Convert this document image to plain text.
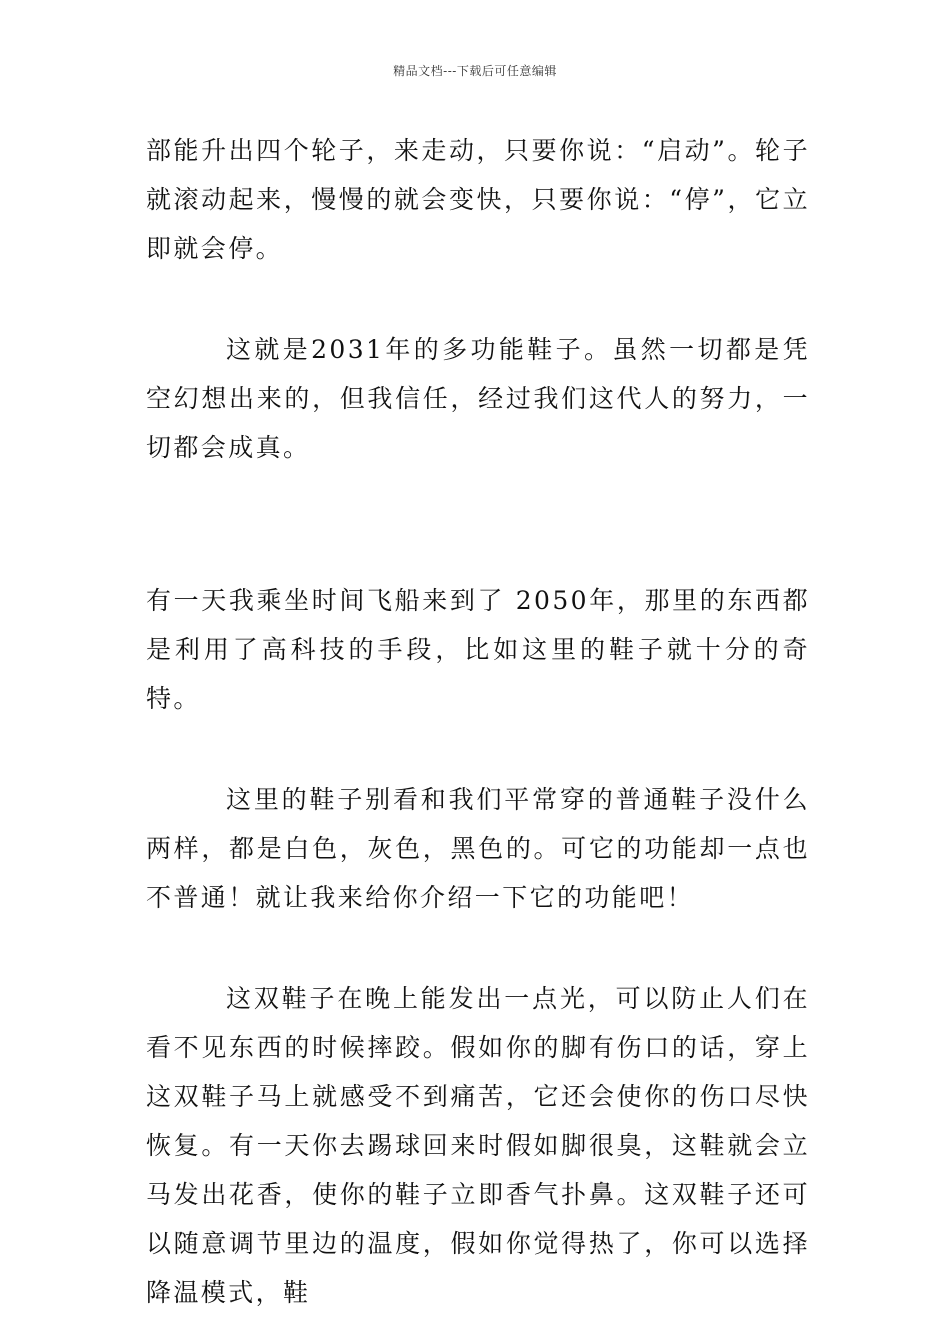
精品文档---下载后可任意编辑

部能升出四个轮子，来走动，只要你说：“启动”。轮子就滚动起来，慢慢的就会变快，只要你说：“停”，它立即就会停。

这就是2031年的多功能鞋子。虽然一切都是凭空幻想出来的，但我信任，经过我们这代人的努力，一切都会成真。

有一天我乘坐时间飞船来到了 2050年，那里的东西都是利用了高科技的手段，比如这里的鞋子就十分的奇特。

这里的鞋子别看和我们平常穿的普通鞋子没什么两样，都是白色，灰色，黑色的。可它的功能却一点也不普通！就让我来给你介绍一下它的功能吧！

这双鞋子在晚上能发出一点光，可以防止人们在看不见东西的时候摔跤。假如你的脚有伤口的话，穿上这双鞋子马上就感受不到痛苦，它还会使你的伤口尽快恢复。有一天你去踢球回来时假如脚很臭，这鞋就会立马发出花香，使你的鞋子立即香气扑鼻。这双鞋子还可以随意调节里边的温度，假如你觉得热了，你可以选择降温模式，鞋
